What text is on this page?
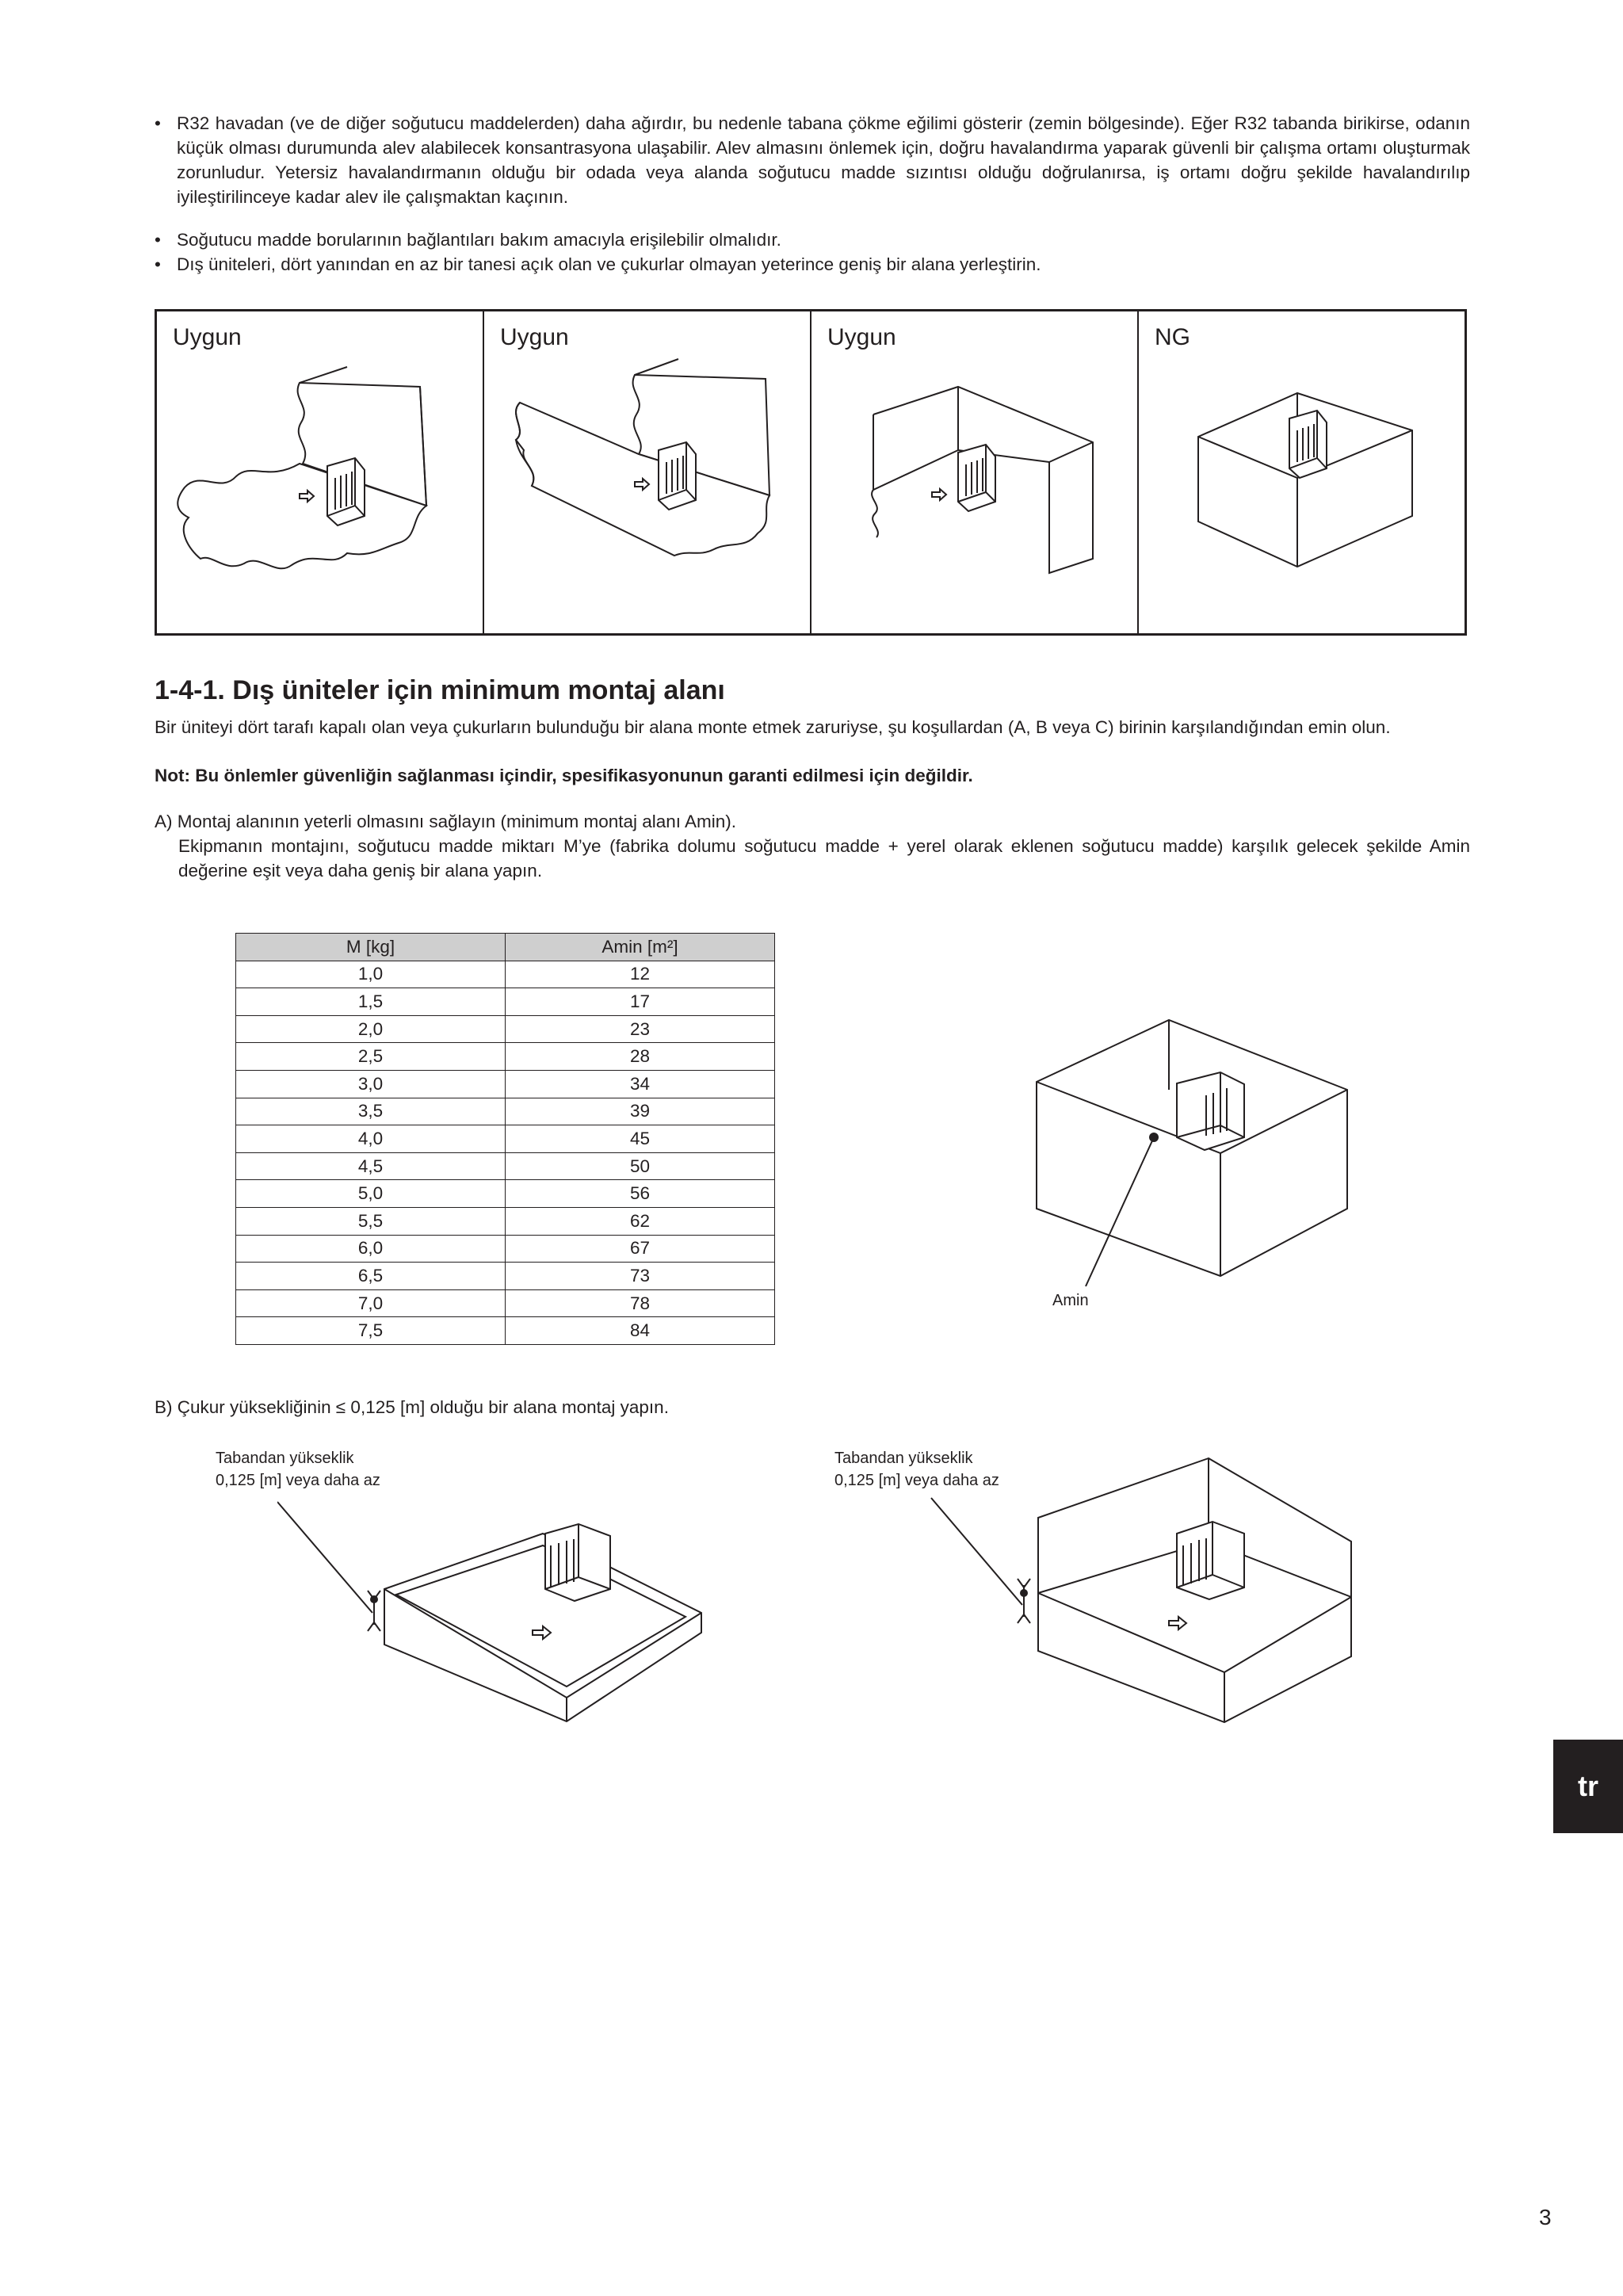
• R32 havadan (ve de diğer soğutucu maddelerden) daha ağırdır, bu nedenle tabana çökme eğilimi gösterir (zemin bölgesinde). Eğer R32 tabanda birikirse, odanın küçük olması durumunda alev alabilecek konsantrasyona ulaşabilir. Alev almasını önlemek için, doğru havalandırma yaparak güvenli bir çalışma ortamı oluşturmak zorunludur. Yetersiz havalandırmanın olduğu bir odada veya alanda soğutucu madde sızıntısı olduğu doğrulanırsa, iş ortamı doğru şekilde havalandırılıp iyileştirilinceye kadar alev ile çalışmaktan kaçının.
• Soğutucu madde borularının bağlantıları bakım amacıyla erişilebilir olmalıdır.
• Dış üniteleri, dört yanından en az bir tanesi açık olan ve çukurlar olmayan yeterince geniş bir alana yerleştirin.
Uygun	Uygun	Uygun	NG
1-4-1. Dış üniteler için minimum montaj alanı
Bir üniteyi dört tarafı kapalı olan veya çukurların bulunduğu bir alana monte etmek zaruriyse, şu koşullardan (A, B veya C) birinin karşılandığından emin olun.
Not: Bu önlemler güvenliğin sağlanması içindir, spesifikasyonunun garanti edilmesi için değildir.
A) Montaj alanının yeterli olmasını sağlayın (minimum montaj alanı Amin).
Ekipmanın montajını, soğutucu madde miktarı M’ye (fabrika dolumu soğutucu madde + yerel olarak eklenen soğutucu madde) karşılık gelecek şekilde Amin değerine eşit veya daha geniş bir alana yapın.
M [kg]	Amin [m²]
1,0	12
1,5	17
2,0	23
2,5	28
3,0	34
3,5	39
4,0	45
4,5	50
5,0	56
5,5	62
6,0	67
6,5	73
7,0	78
7,5	84
Amin
B) Çukur yüksekliğinin ≤ 0,125 [m] olduğu bir alana montaj yapın.
Tabandan yükseklik
0,125 [m] veya daha az
Tabandan yükseklik
0,125 [m] veya daha az
tr
3
